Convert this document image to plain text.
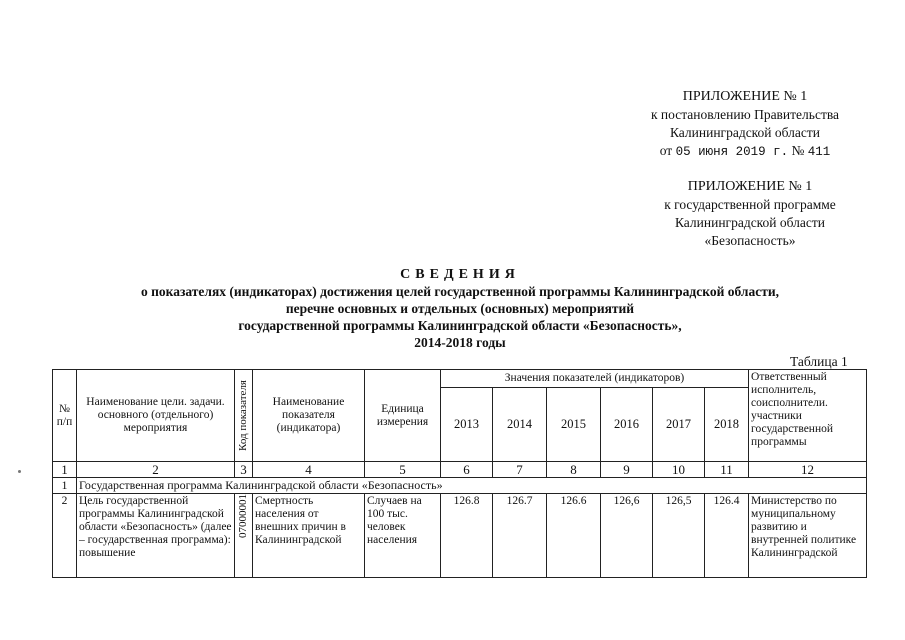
ПРИЛОЖЕНИЕ № 1
к постановлению Правительства
Калининградской области
от 05 июня 2019 г. № 411
ПРИЛОЖЕНИЕ № 1
к государственной программе
Калининградской области
«Безопасность»
СВЕДЕНИЯ
о показателях (индикаторах) достижения целей государственной программы Калининградской области,
перечне основных и отдельных (основных) мероприятий
государственной программы Калининградской области «Безопасность»,
2014-2018 годы
Таблица 1
№ п/п	Наименование цели. задачи. основного (отдельного) мероприятия	Код показателя	Наименование показателя (индикатора)	Единица измерения	Значения показателей (индикаторов)						Ответственный исполнитель, соисполнители. участники государственной программы
					2013	2014	2015	2016	2017	2018	
1	2	3	4	5	6	7	8	9	10	11	12
1	Государственная программа Калининградской области «Безопасность»										
2	Цель государственной программы Калининградской области «Безопасность» (далее – государственная программа): повышение	07000001	Смертность населения от внешних причин в Калининградской	Случаев на 100 тыс. человек населения	126.8	126.7	126.6	126,6	126,5	126.4	Министерство по муниципальному развитию и внутренней политике Калининградской
